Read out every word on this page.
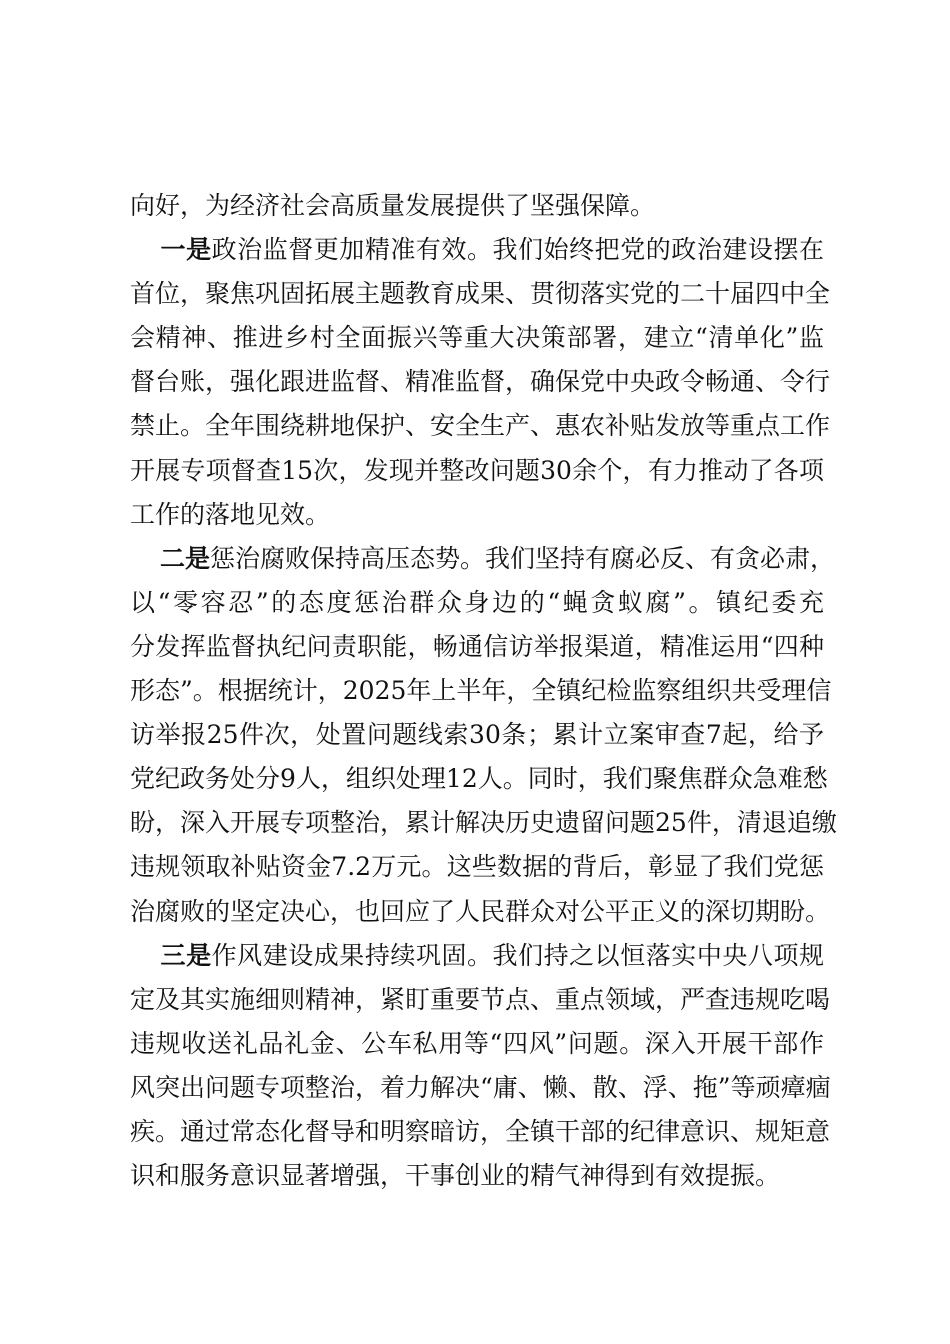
向好，为经济社会高质量发展提供了坚强保障。
  一是政治监督更加精准有效。我们始终把党的政治建设摆在
首位，聚焦巩固拓展主题教育成果、贯彻落实党的二十届四中全
会精神、推进乡村全面振兴等重大决策部署，建立“清单化”监
督台账，强化跟进监督、精准监督，确保党中央政令畅通、令行
禁止。全年围绕耕地保护、安全生产、惠农补贴发放等重点工作
开展专项督查15次，发现并整改问题30余个，有力推动了各项
工作的落地见效。
  二是惩治腐败保持高压态势。我们坚持有腐必反、有贪必肃，
以“零容忍”的态度惩治群众身边的“蝇贪蚁腐”。镇纪委充
分发挥监督执纪问责职能，畅通信访举报渠道，精准运用“四种
形态”。根据统计，2025年上半年，全镇纪检监察组织共受理信
访举报25件次，处置问题线索30条；累计立案审查7起，给予
党纪政务处分9人，组织处理12人。同时，我们聚焦群众急难愁
盼，深入开展专项整治，累计解决历史遗留问题25件，清退追缴
违规领取补贴资金7.2万元。这些数据的背后，彰显了我们党惩
治腐败的坚定决心，也回应了人民群众对公平正义的深切期盼。
  三是作风建设成果持续巩固。我们持之以恒落实中央八项规
定及其实施细则精神，紧盯重要节点、重点领域，严查违规吃喝
违规收送礼品礼金、公车私用等“四风”问题。深入开展干部作
风突出问题专项整治，着力解决“庸、懒、散、浮、拖”等顽瘴痼
疾。通过常态化督导和明察暗访，全镇干部的纪律意识、规矩意
识和服务意识显著增强，干事创业的精气神得到有效提振。
